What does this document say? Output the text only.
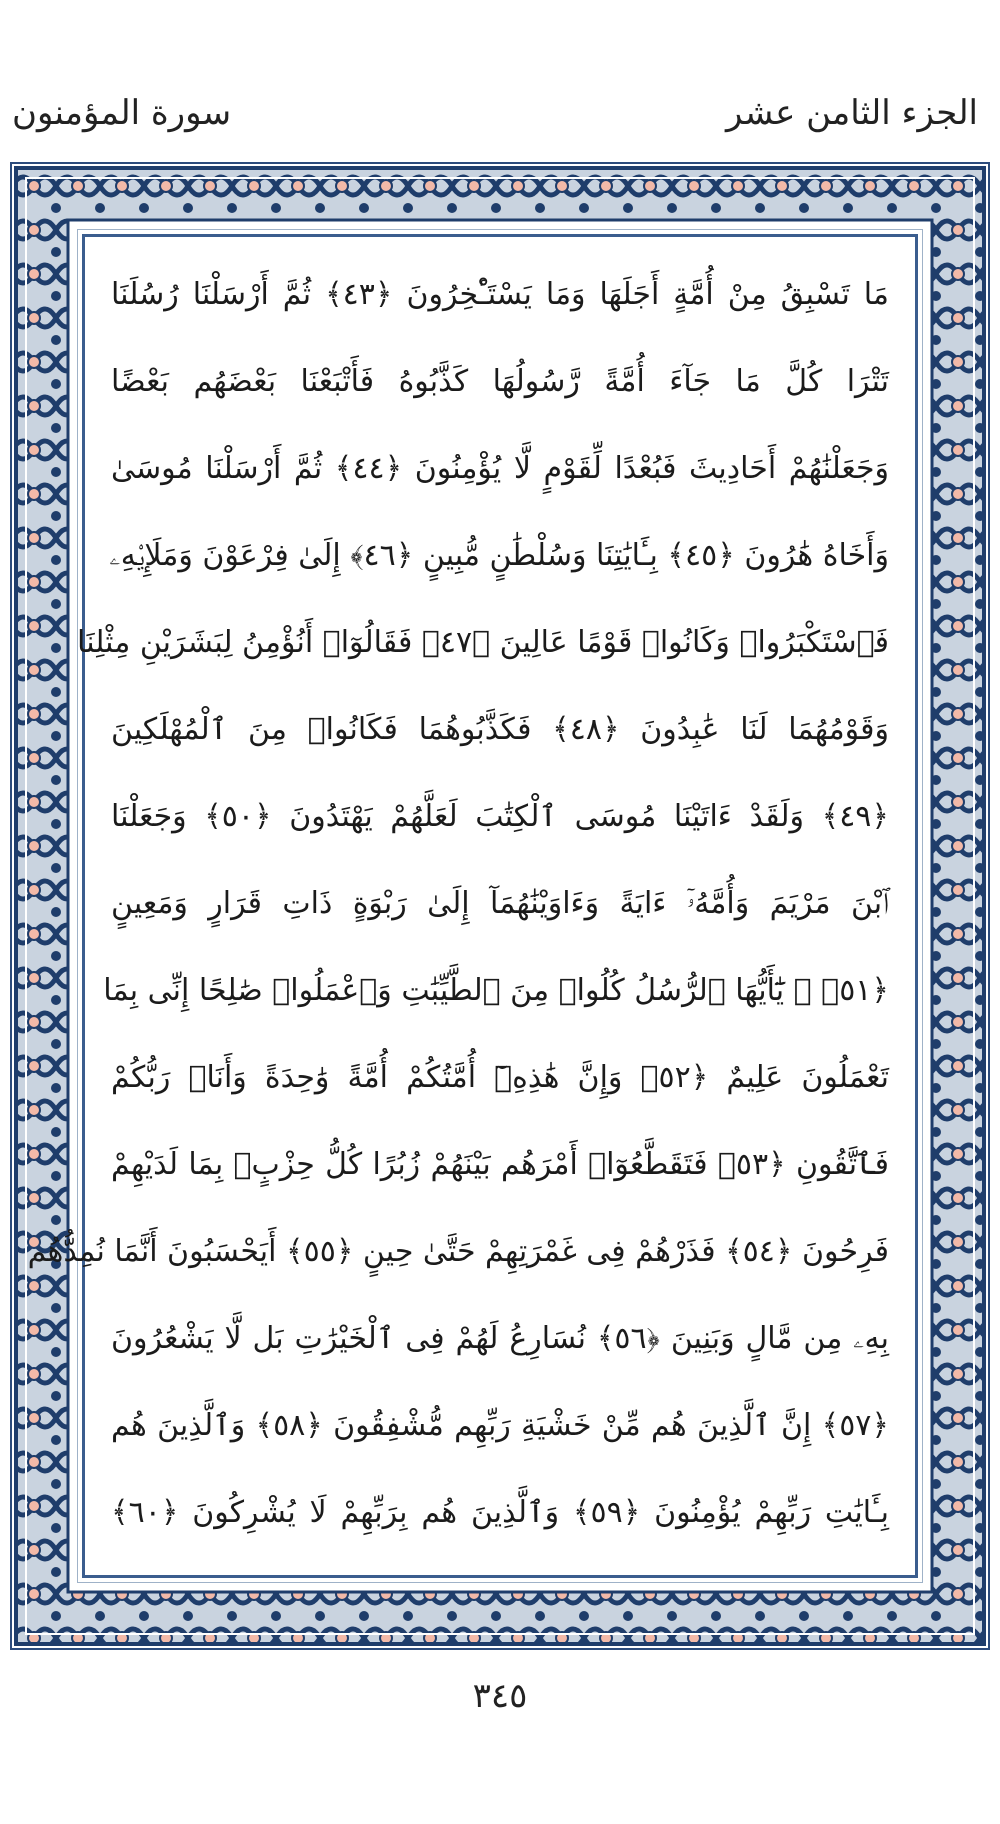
الجزء الثامن عشر
سورة المؤمنون
مَا تَسْبِقُ مِنْ أُمَّةٍ أَجَلَهَا وَمَا يَسْتَـْٔخِرُونَ ﴿٤٣﴾ ثُمَّ أَرْسَلْنَا رُسُلَنَا
تَتْرَا كُلَّ مَا جَآءَ أُمَّةً رَّسُولُهَا كَذَّبُوهُ فَأَتْبَعْنَا بَعْضَهُم بَعْضًا
وَجَعَلْنَٰهُمْ أَحَادِيثَ فَبُعْدًا لِّقَوْمٍ لَّا يُؤْمِنُونَ ﴿٤٤﴾ ثُمَّ أَرْسَلْنَا مُوسَىٰ
وَأَخَاهُ هَٰرُونَ ﴿٤٥﴾ بِـَٔايَٰتِنَا وَسُلْطَٰنٍ مُّبِينٍ ﴿٤٦﴾ إِلَىٰ فِرْعَوْنَ وَمَلَإِي۟هِۦ
فَٱسْتَكْبَرُوا۟ وَكَانُوا۟ قَوْمًا عَالِينَ ﴿٤٧﴾ فَقَالُوٓا۟ أَنُؤْمِنُ لِبَشَرَيْنِ مِثْلِنَا
وَقَوْمُهُمَا لَنَا عَٰبِدُونَ ﴿٤٨﴾ فَكَذَّبُوهُمَا فَكَانُوا۟ مِنَ ٱلْمُهْلَكِينَ
﴿٤٩﴾ وَلَقَدْ ءَاتَيْنَا مُوسَى ٱلْكِتَٰبَ لَعَلَّهُمْ يَهْتَدُونَ ﴿٥٠﴾ وَجَعَلْنَا
ٱبْنَ مَرْيَمَ وَأُمَّهُۥٓ ءَايَةً وَءَاوَيْنَٰهُمَآ إِلَىٰ رَبْوَةٍ ذَاتِ قَرَارٍ وَمَعِينٍ
﴿٥١﴾ ۞ يَٰٓأَيُّهَا ٱلرُّسُلُ كُلُوا۟ مِنَ ٱلطَّيِّبَٰتِ وَٱعْمَلُوا۟ صَٰلِحًا إِنِّى بِمَا
تَعْمَلُونَ عَلِيمٌ ﴿٥٢﴾ وَإِنَّ هَٰذِهِۦٓ أُمَّتُكُمْ أُمَّةً وَٰحِدَةً وَأَنَا۠ رَبُّكُمْ
فَٱتَّقُونِ ﴿٥٣﴾ فَتَقَطَّعُوٓا۟ أَمْرَهُم بَيْنَهُمْ زُبُرًا كُلُّ حِزْبٍۭ بِمَا لَدَيْهِمْ
فَرِحُونَ ﴿٥٤﴾ فَذَرْهُمْ فِى غَمْرَتِهِمْ حَتَّىٰ حِينٍ ﴿٥٥﴾ أَيَحْسَبُونَ أَنَّمَا نُمِدُّهُم
بِهِۦ مِن مَّالٍ وَبَنِينَ ﴿٥٦﴾ نُسَارِعُ لَهُمْ فِى ٱلْخَيْرَٰتِ بَل لَّا يَشْعُرُونَ
﴿٥٧﴾ إِنَّ ٱلَّذِينَ هُم مِّنْ خَشْيَةِ رَبِّهِم مُّشْفِقُونَ ﴿٥٨﴾ وَٱلَّذِينَ هُم
بِـَٔايَٰتِ رَبِّهِمْ يُؤْمِنُونَ ﴿٥٩﴾ وَٱلَّذِينَ هُم بِرَبِّهِمْ لَا يُشْرِكُونَ ﴿٦٠﴾
٣٤٥
